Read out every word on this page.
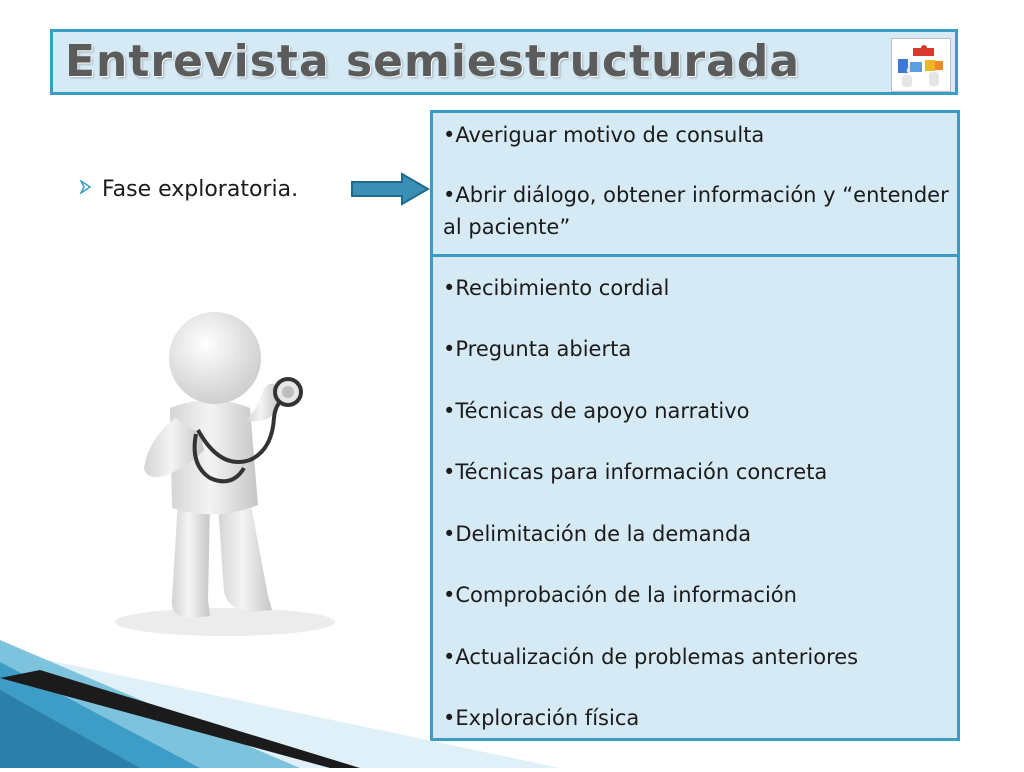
Entrevista semiestructurada
Fase exploratoria.
•Averiguar motivo de consulta
•Abrir diálogo, obtener información y “entender al paciente”
•Recibimiento cordial
•Pregunta abierta
•Técnicas de apoyo narrativo
•Técnicas para información concreta
•Delimitación de la demanda
•Comprobación de la información
•Actualización de problemas anteriores
•Exploración física
